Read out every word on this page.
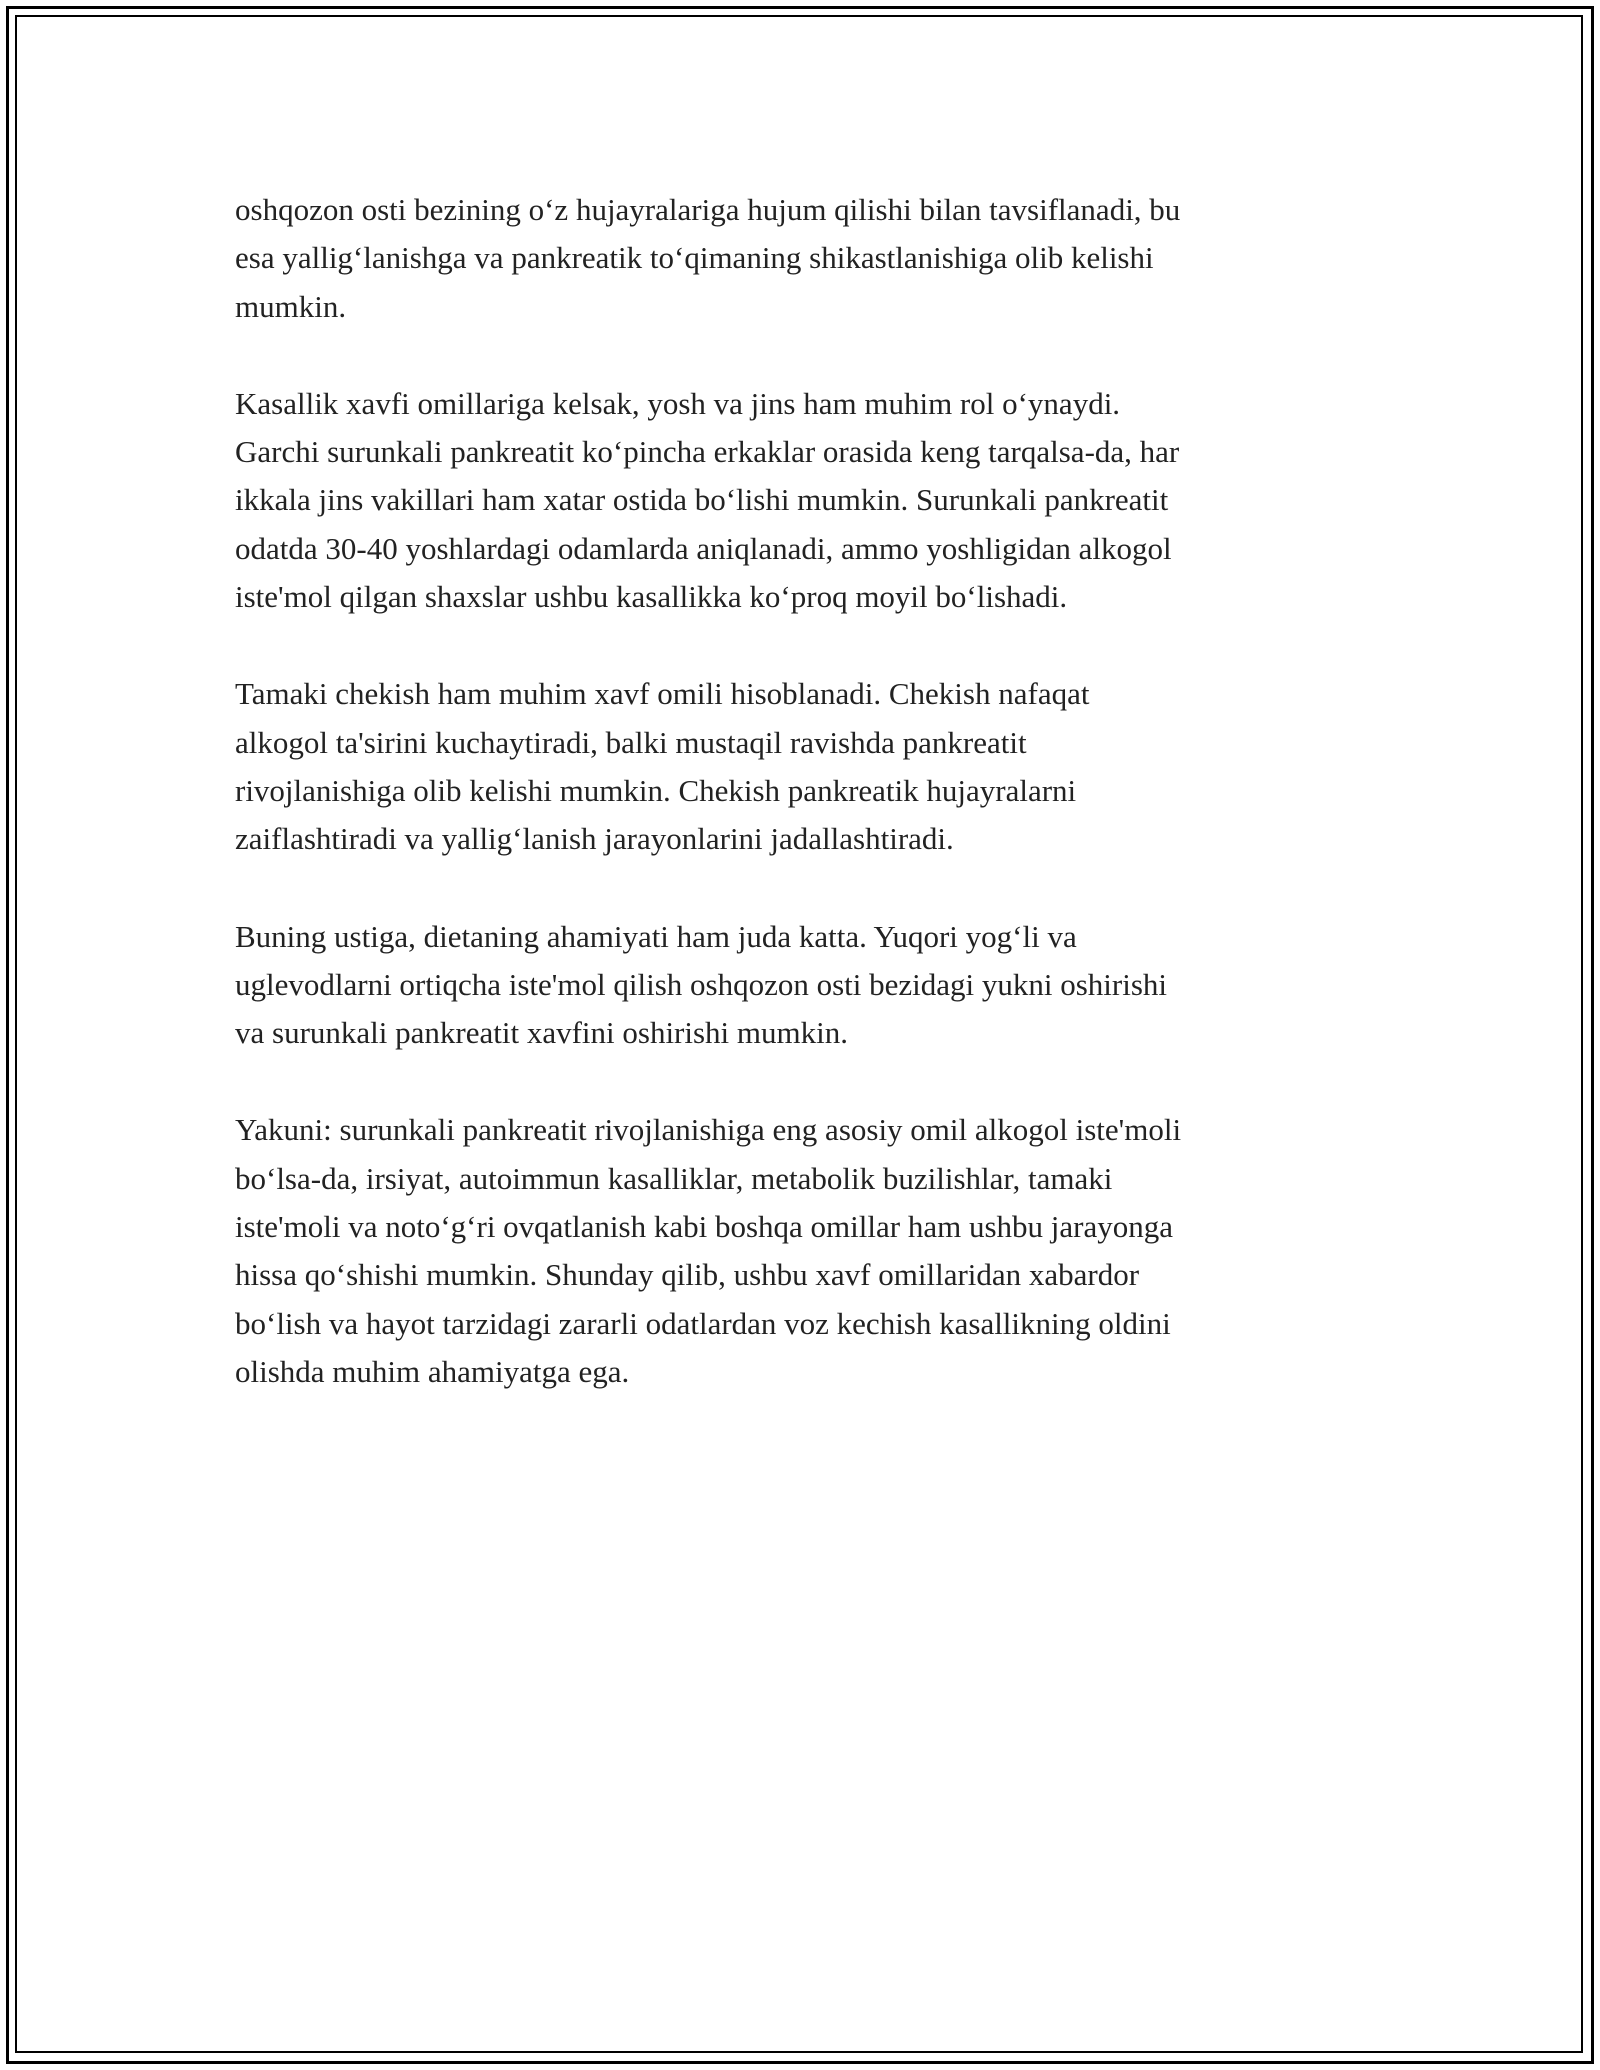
oshqozon osti bezining o‘z hujayralariga hujum qilishi bilan tavsiflanadi, bu
esa yallig‘lanishga va pankreatik to‘qimaning shikastlanishiga olib kelishi
mumkin.

Kasallik xavfi omillariga kelsak, yosh va jins ham muhim rol o‘ynaydi.
Garchi surunkali pankreatit ko‘pincha erkaklar orasida keng tarqalsa-da, har
ikkala jins vakillari ham xatar ostida bo‘lishi mumkin. Surunkali pankreatit
odatda 30-40 yoshlardagi odamlarda aniqlanadi, ammo yoshligidan alkogol
iste'mol qilgan shaxslar ushbu kasallikka ko‘proq moyil bo‘lishadi.

Tamaki chekish ham muhim xavf omili hisoblanadi. Chekish nafaqat
alkogol ta'sirini kuchaytiradi, balki mustaqil ravishda pankreatit
rivojlanishiga olib kelishi mumkin. Chekish pankreatik hujayralarni
zaiflashtiradi va yallig‘lanish jarayonlarini jadallashtiradi.

Buning ustiga, dietaning ahamiyati ham juda katta. Yuqori yog‘li va
uglevodlarni ortiqcha iste'mol qilish oshqozon osti bezidagi yukni oshirishi
va surunkali pankreatit xavfini oshirishi mumkin.

Yakuni: surunkali pankreatit rivojlanishiga eng asosiy omil alkogol iste'moli
bo‘lsa-da, irsiyat, autoimmun kasalliklar, metabolik buzilishlar, tamaki
iste'moli va noto‘g‘ri ovqatlanish kabi boshqa omillar ham ushbu jarayonga
hissa qo‘shishi mumkin. Shunday qilib, ushbu xavf omillaridan xabardor
bo‘lish va hayot tarzidagi zararli odatlardan voz kechish kasallikning oldini
olishda muhim ahamiyatga ega.
